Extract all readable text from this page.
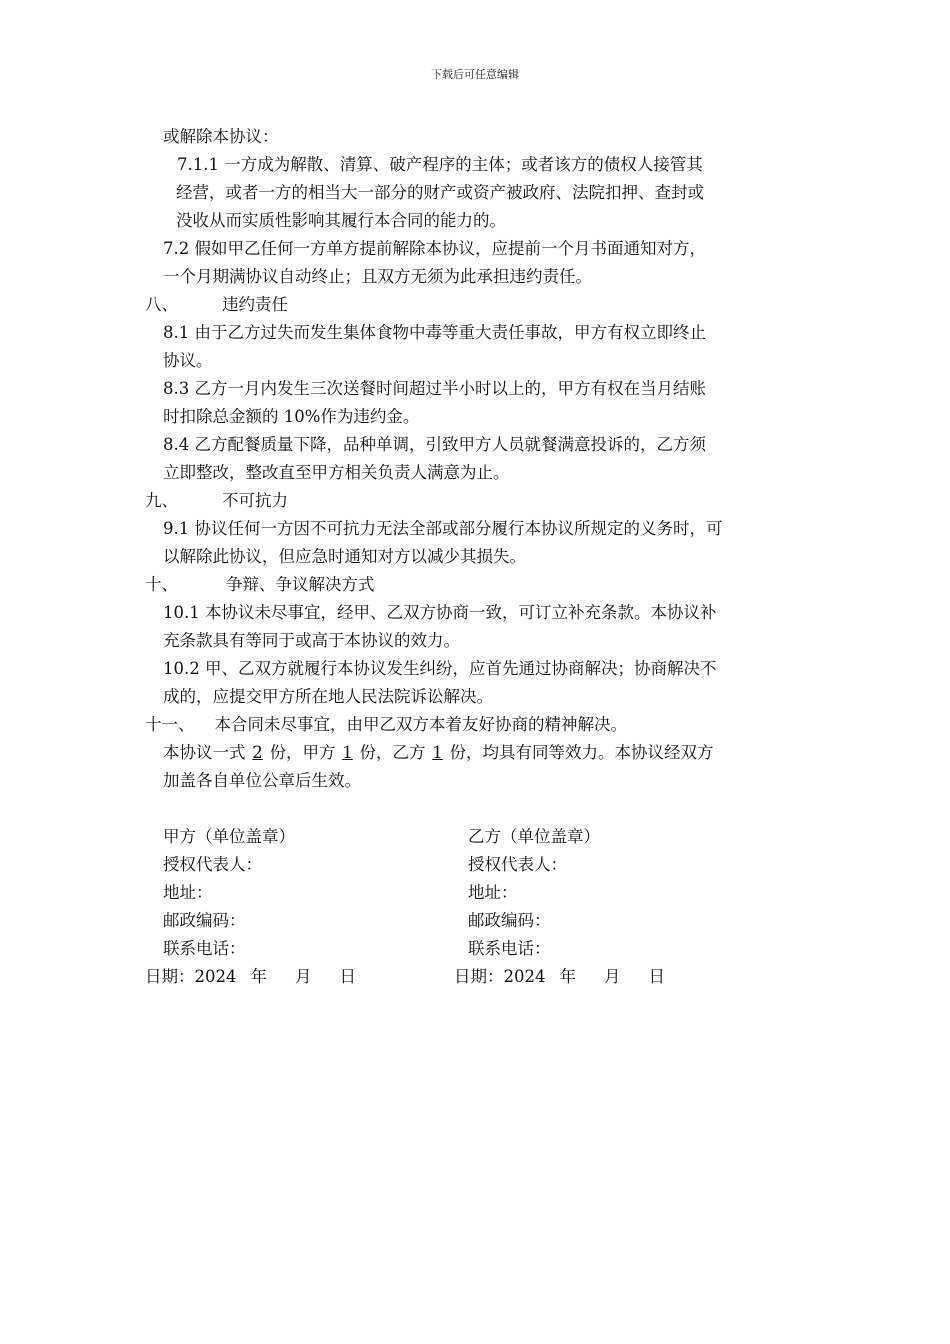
下载后可任意编辑
或解除本协议：
7.1.1 一方成为解散、清算、破产程序的主体；或者该方的债权人接管其
经营，或者一方的相当大一部分的财产或资产被政府、法院扣押、查封或
没收从而实质性影响其履行本合同的能力的。
7.2 假如甲乙任何一方单方提前解除本协议，应提前一个月书面通知对方，
一个月期满协议自动终止；且双方无须为此承担违约责任。
八、	违约责任
8.1 由于乙方过失而发生集体食物中毒等重大责任事故，甲方有权立即终止
协议。
8.3 乙方一月内发生三次送餐时间超过半小时以上的，甲方有权在当月结账
时扣除总金额的 10%作为违约金。
8.4 乙方配餐质量下降，品种单调，引致甲方人员就餐满意投诉的，乙方须
立即整改，整改直至甲方相关负责人满意为止。
九、	不可抗力
9.1 协议任何一方因不可抗力无法全部或部分履行本协议所规定的义务时，可
以解除此协议，但应急时通知对方以减少其损失。
十、	争辩、争议解决方式
10.1 本协议未尽事宜，经甲、乙双方协商一致，可订立补充条款。本协议补
充条款具有等同于或高于本协议的效力。
10.2 甲、乙双方就履行本协议发生纠纷，应首先通过协商解决；协商解决不
成的，应提交甲方所在地人民法院诉讼解决。
十一、 本合同未尽事宜，由甲乙双方本着友好协商的精神解决。
本协议一式 2 份，甲方 1 份，乙方 1 份，均具有同等效力。本协议经双方
加盖各自单位公章后生效。
甲方（单位盖章）	乙方（单位盖章）
授权代表人：	授权代表人：
地址：	地址：
邮政编码：	邮政编码：
联系电话：	联系电话：
日期：2024 年 月 日	日期：2024 年 月 日
